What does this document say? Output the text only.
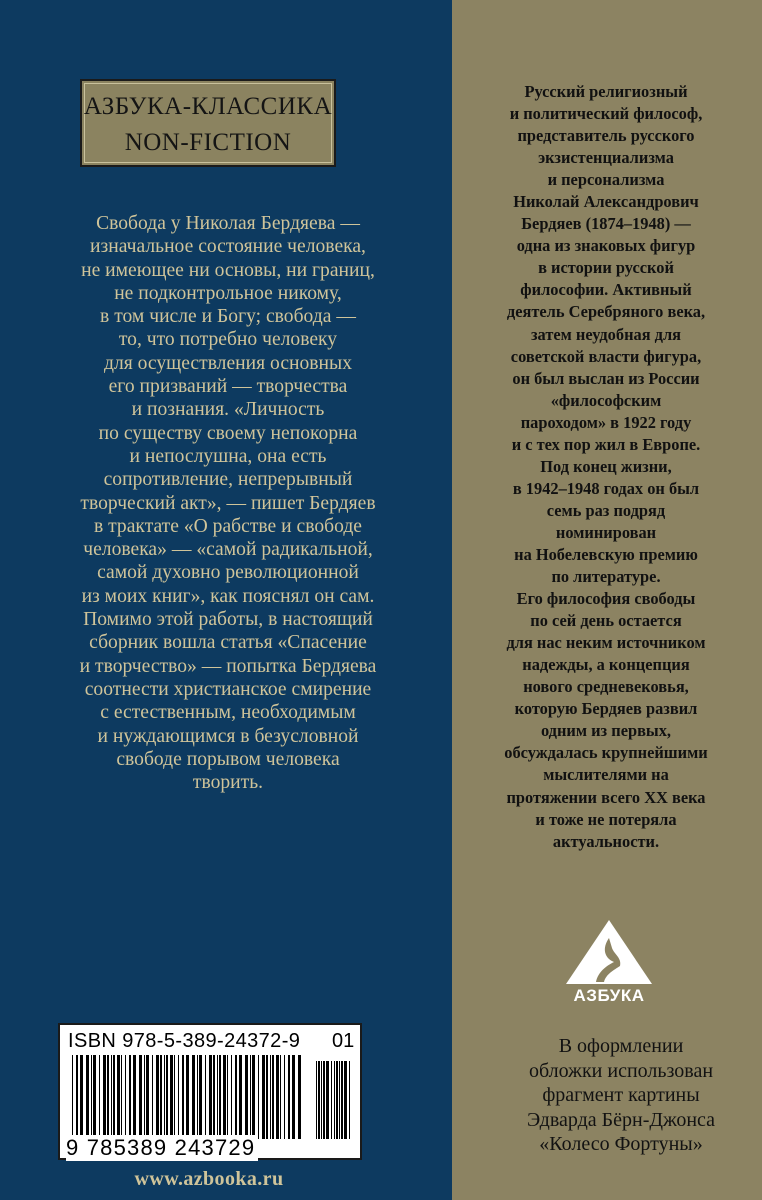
АЗБУКА-КЛАССИКА
NON-FICTION
Свобода у Николая Бердяева —
изначальное состояние человека,
не имеющее ни основы, ни границ,
не подконтрольное никому,
в том числе и Богу; свобода —
то, что потребно человеку
для осуществления основных
его призваний — творчества
и познания. «Личность
по существу своему непокорна
и непослушна, она есть
сопротивление, непрерывный
творческий акт», — пишет Бердяев
в трактате «О рабстве и свободе
человека» — «самой радикальной,
самой духовно революционной
из моих книг», как пояснял он сам.
Помимо этой работы, в настоящий
сборник вошла статья «Спасение
и творчество» — попытка Бердяева
соотнести христианское смирение
с естественным, необходимым
и нуждающимся в безусловной
свободе порывом человека
творить.
ISBN 978-5-389-24372-9 01
9 785389 243729
www.azbooka.ru
Русский религиозный
и политический философ,
представитель русского
экзистенциализма
и персонализма
Николай Александрович
Бердяев (1874–1948) —
одна из знаковых фигур
в истории русской
философии. Активный
деятель Серебряного века,
затем неудобная для
советской власти фигура,
он был выслан из России
«философским
пароходом» в 1922 году
и с тех пор жил в Европе.
Под конец жизни,
в 1942–1948 годах он был
семь раз подряд
номинирован
на Нобелевскую премию
по литературе.
Его философия свободы
по сей день остается
для нас неким источником
надежды, а концепция
нового средневековья,
которую Бердяев развил
одним из первых,
обсуждалась крупнейшими
мыслителями на
протяжении всего XX века
и тоже не потеряла
актуальности.
АЗБУКА
В оформлении
обложки использован
фрагмент картины
Эдварда Бёрн-Джонса
«Колесо Фортуны»
